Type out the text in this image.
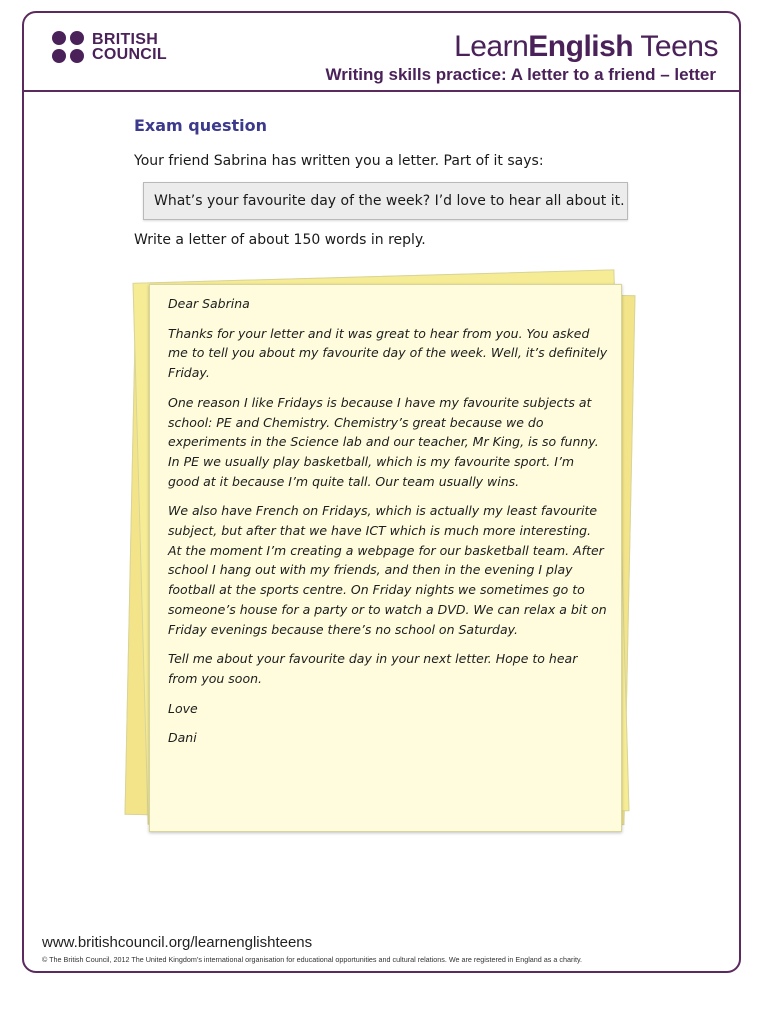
BRITISH
COUNCIL	LearnEnglish Teens
Writing skills practice: A letter to a friend – letter
Exam question
Your friend Sabrina has written you a letter. Part of it says:
What’s your favourite day of the week? I’d love to hear all about it.
Write a letter of about 150 words in reply.

Dear Sabrina

Thanks for your letter and it was great to hear from you. You asked me to tell you about my favourite day of the week. Well, it’s definitely Friday.

One reason I like Fridays is because I have my favourite subjects at school: PE and Chemistry. Chemistry’s great because we do experiments in the Science lab and our teacher, Mr King, is so funny. In PE we usually play basketball, which is my favourite sport. I’m good at it because I’m quite tall. Our team usually wins.

We also have French on Fridays, which is actually my least favourite subject, but after that we have ICT which is much more interesting. At the moment I’m creating a webpage for our basketball team. After school I hang out with my friends, and then in the evening I play football at the sports centre. On Friday nights we sometimes go to someone’s house for a party or to watch a DVD. We can relax a bit on Friday evenings because there’s no school on Saturday.

Tell me about your favourite day in your next letter. Hope to hear from you soon.

Love

Dani

www.britishcouncil.org/learnenglishteens
© The British Council, 2012 The United Kingdom’s international organisation for educational opportunities and cultural relations. We are registered in England as a charity.
